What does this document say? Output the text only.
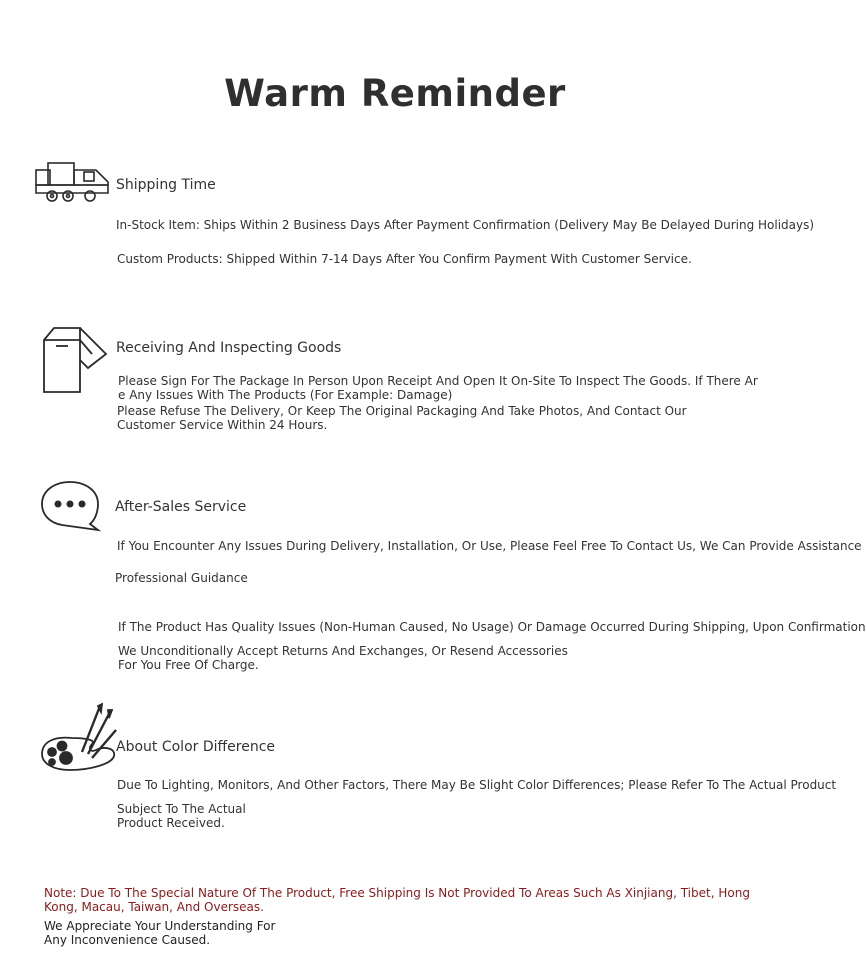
Warm Reminder
Shipping Time
In-Stock Item: Ships Within 2 Business Days After Payment Confirmation (Delivery May Be Delayed During Holidays)
Custom Products: Shipped Within 7-14 Days After You Confirm Payment With Customer Service.
Receiving And Inspecting Goods
Please Sign For The Package In Person Upon Receipt And Open It On-Site To Inspect The Goods. If There Are Any Issues With The Products (For Example: Damage)
Please Refuse The Delivery, Or Keep The Original Packaging And Take Photos, And Contact Our Customer Service Within 24 Hours.
After-Sales Service
If You Encounter Any Issues During Delivery, Installation, Or Use, Please Feel Free To Contact Us, We Can Provide Assistance
Professional Guidance
If The Product Has Quality Issues (Non-Human Caused, No Usage) Or Damage Occurred During Shipping, Upon Confirmation
We Unconditionally Accept Returns And Exchanges, Or Resend Accessories For You Free Of Charge.
About Color Difference
Due To Lighting, Monitors, And Other Factors, There May Be Slight Color Differences; Please Refer To The Actual Product
Subject To The Actual Product Received.
Note: Due To The Special Nature Of The Product, Free Shipping Is Not Provided To Areas Such As Xinjiang, Tibet, Hong Kong, Macau, Taiwan, And Overseas.
We Appreciate Your Understanding For Any Inconvenience Caused.
